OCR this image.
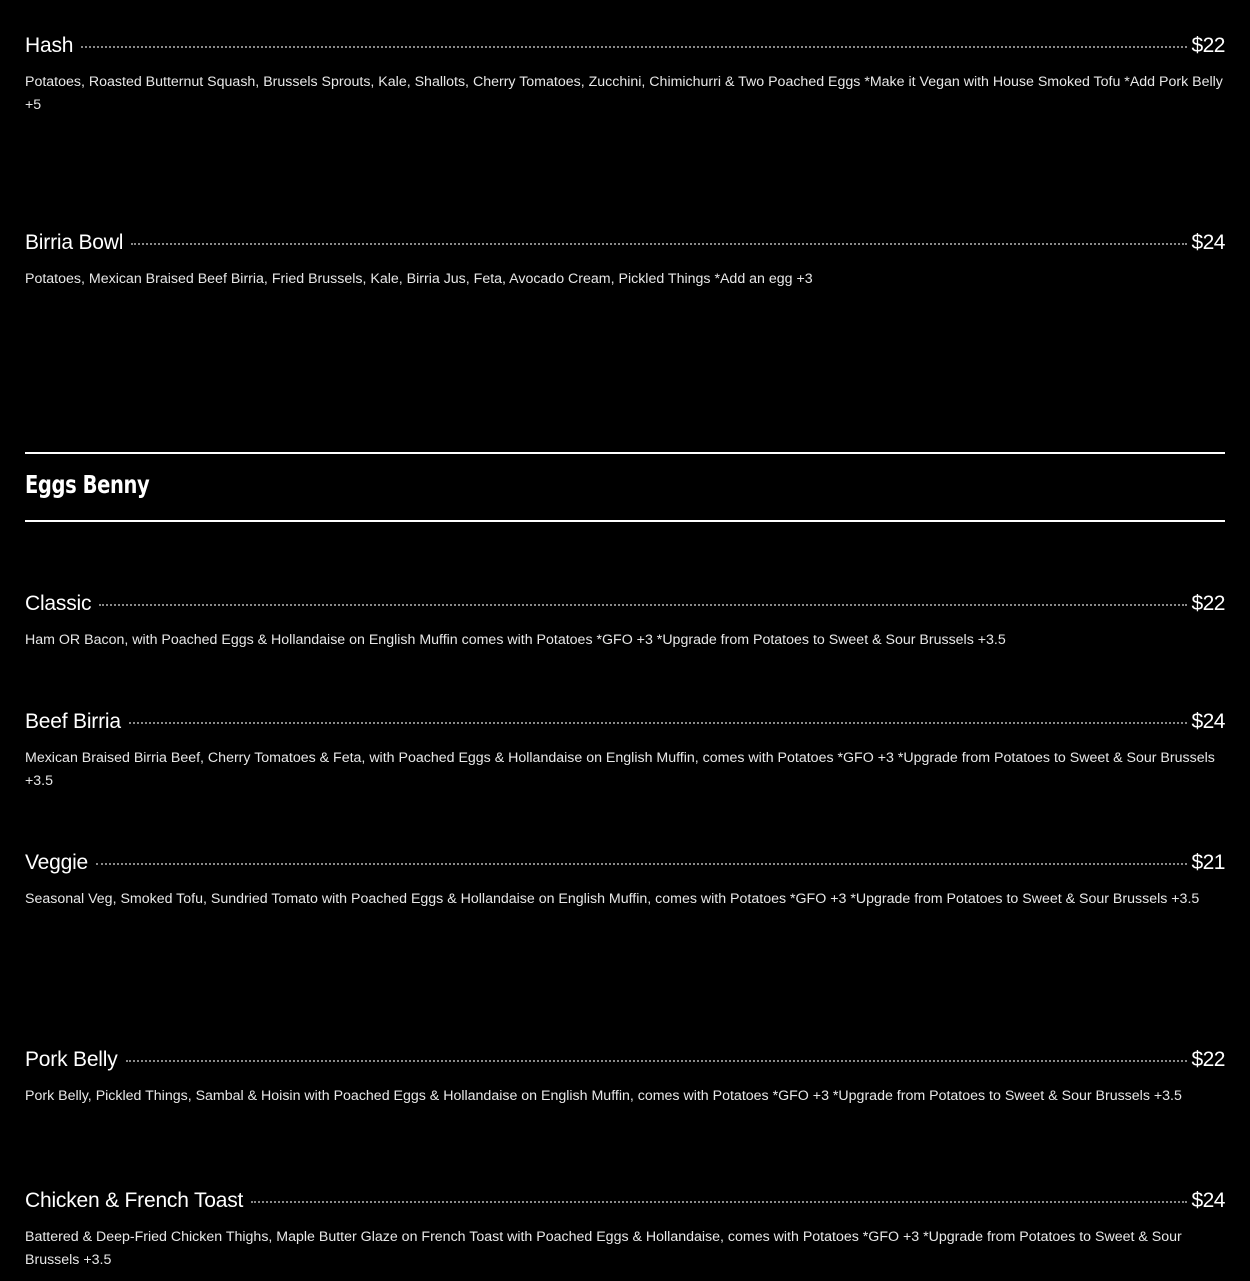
Hash	$22
Potatoes, Roasted Butternut Squash, Brussels Sprouts, Kale, Shallots, Cherry Tomatoes, Zucchini, Chimichurri & Two Poached Eggs *Make it Vegan with House Smoked Tofu *Add Pork Belly +5
Birria Bowl	$24
Potatoes, Mexican Braised Beef Birria, Fried Brussels, Kale, Birria Jus, Feta, Avocado Cream, Pickled Things *Add an egg +3
Eggs Benny
Classic	$22
Ham OR Bacon, with Poached Eggs & Hollandaise on English Muffin comes with Potatoes *GFO +3 *Upgrade from Potatoes to Sweet & Sour Brussels +3.5
Beef Birria	$24
Mexican Braised Birria Beef, Cherry Tomatoes & Feta, with Poached Eggs & Hollandaise on English Muffin, comes with Potatoes *GFO +3 *Upgrade from Potatoes to Sweet & Sour Brussels +3.5
Veggie	$21
Seasonal Veg, Smoked Tofu, Sundried Tomato with Poached Eggs & Hollandaise on English Muffin, comes with Potatoes *GFO +3 *Upgrade from Potatoes to Sweet & Sour Brussels +3.5
Pork Belly	$22
Pork Belly, Pickled Things, Sambal & Hoisin with Poached Eggs & Hollandaise on English Muffin, comes with Potatoes *GFO +3 *Upgrade from Potatoes to Sweet & Sour Brussels +3.5
Chicken & French Toast	$24
Battered & Deep-Fried Chicken Thighs, Maple Butter Glaze on French Toast with Poached Eggs & Hollandaise, comes with Potatoes *GFO +3 *Upgrade from Potatoes to Sweet & Sour Brussels +3.5
